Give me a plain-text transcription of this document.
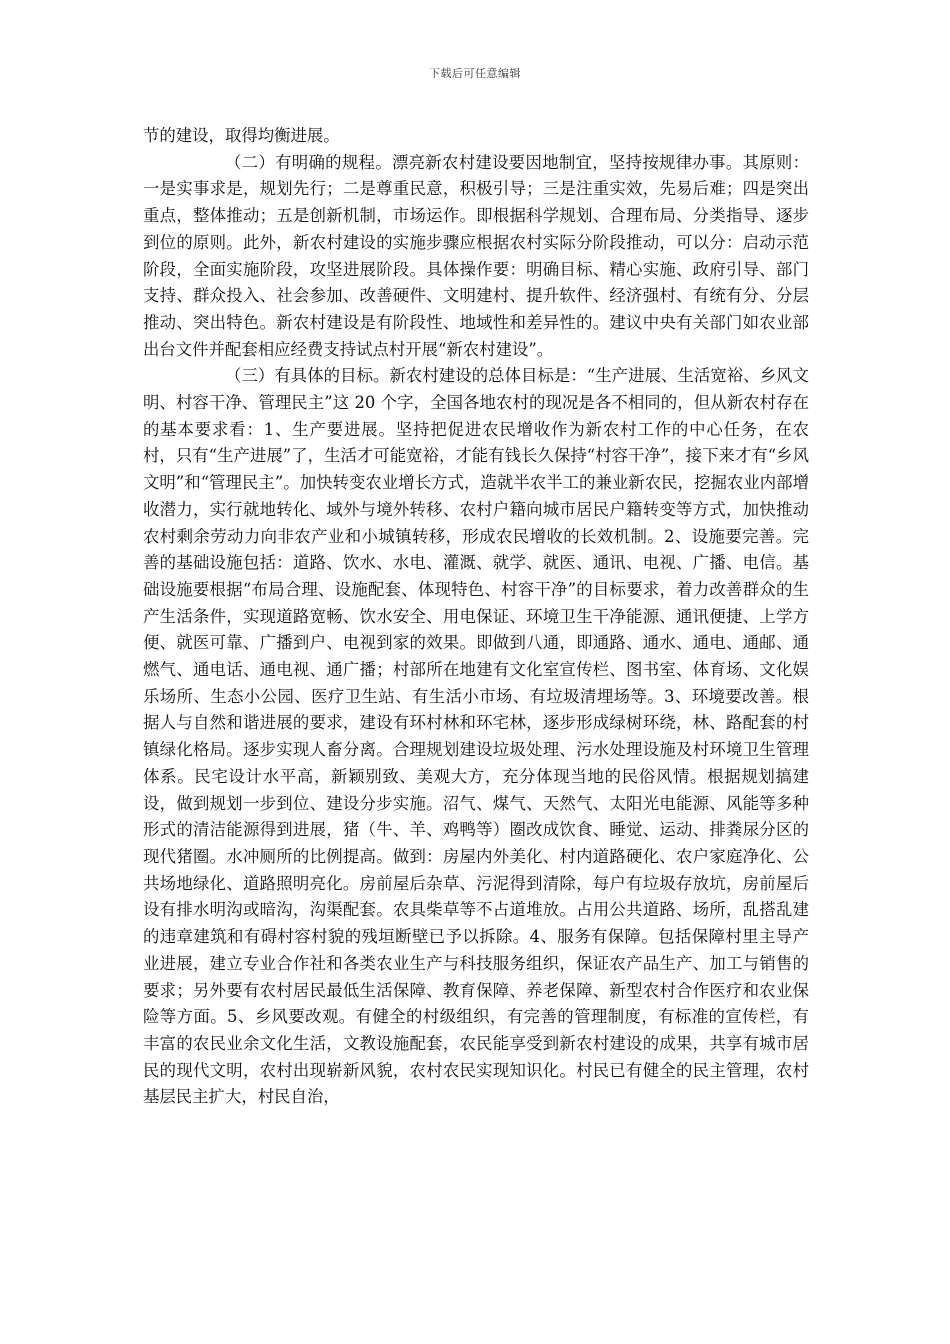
下载后可任意编辑

节的建设，取得均衡进展。

（二）有明确的规程。漂亮新农村建设要因地制宜，坚持按规律办事。其原则：一是实事求是，规划先行；二是尊重民意，积极引导；三是注重实效，先易后难；四是突出重点，整体推动；五是创新机制，市场运作。即根据科学规划、合理布局、分类指导、逐步到位的原则。此外，新农村建设的实施步骤应根据农村实际分阶段推动，可以分：启动示范阶段，全面实施阶段，攻坚进展阶段。具体操作要：明确目标、精心实施、政府引导、部门支持、群众投入、社会参加、改善硬件、文明建村、提升软件、经济强村、有统有分、分层推动、突出特色。新农村建设是有阶段性、地域性和差异性的。建议中央有关部门如农业部出台文件并配套相应经费支持试点村开展“新农村建设”。

（三）有具体的目标。新农村建设的总体目标是：“生产进展、生活宽裕、乡风文明、村容干净、管理民主”这 20 个字，全国各地农村的现况是各不相同的，但从新农村存在的基本要求看：1、生产要进展。坚持把促进农民增收作为新农村工作的中心任务，在农村，只有“生产进展”了，生活才可能宽裕，才能有钱长久保持“村容干净”，接下来才有“乡风文明”和“管理民主”。加快转变农业增长方式，造就半农半工的兼业新农民，挖掘农业内部增收潜力，实行就地转化、域外与境外转移、农村户籍向城市居民户籍转变等方式，加快推动农村剩余劳动力向非农产业和小城镇转移，形成农民增收的长效机制。2、设施要完善。完善的基础设施包括：道路、饮水、水电、灌溉、就学、就医、通讯、电视、广播、电信。基础设施要根据“布局合理、设施配套、体现特色、村容干净”的目标要求，着力改善群众的生产生活条件，实现道路宽畅、饮水安全、用电保证、环境卫生干净能源、通讯便捷、上学方便、就医可靠、广播到户、电视到家的效果。即做到八通，即通路、通水、通电、通邮、通燃气、通电话、通电视、通广播；村部所在地建有文化室宣传栏、图书室、体育场、文化娱乐场所、生态小公园、医疗卫生站、有生活小市场、有垃圾清埋场等。3、环境要改善。根据人与自然和谐进展的要求，建设有环村林和环宅林，逐步形成绿树环绕，林、路配套的村镇绿化格局。逐步实现人畜分离。合理规划建设垃圾处理、污水处理设施及村环境卫生管理体系。民宅设计水平高，新颖别致、美观大方，充分体现当地的民俗风情。根据规划搞建设，做到规划一步到位、建设分步实施。沼气、煤气、天然气、太阳光电能源、风能等多种形式的清洁能源得到进展，猪（牛、羊、鸡鸭等）圈改成饮食、睡觉、运动、排粪尿分区的现代猪圈。水冲厕所的比例提高。做到：房屋内外美化、村内道路硬化、农户家庭净化、公共场地绿化、道路照明亮化。房前屋后杂草、污泥得到清除，每户有垃圾存放坑，房前屋后设有排水明沟或暗沟，沟渠配套。农具柴草等不占道堆放。占用公共道路、场所，乱搭乱建的违章建筑和有碍村容村貌的残垣断壁已予以拆除。4、服务有保障。包括保障村里主导产业进展，建立专业合作社和各类农业生产与科技服务组织，保证农产品生产、加工与销售的要求；另外要有农村居民最低生活保障、教育保障、养老保障、新型农村合作医疗和农业保险等方面。5、乡风要改观。有健全的村级组织，有完善的管理制度，有标准的宣传栏，有丰富的农民业余文化生活，文教设施配套，农民能享受到新农村建设的成果，共享有城市居民的现代文明，农村出现崭新风貌，农村农民实现知识化。村民已有健全的民主管理，农村基层民主扩大，村民自治，
